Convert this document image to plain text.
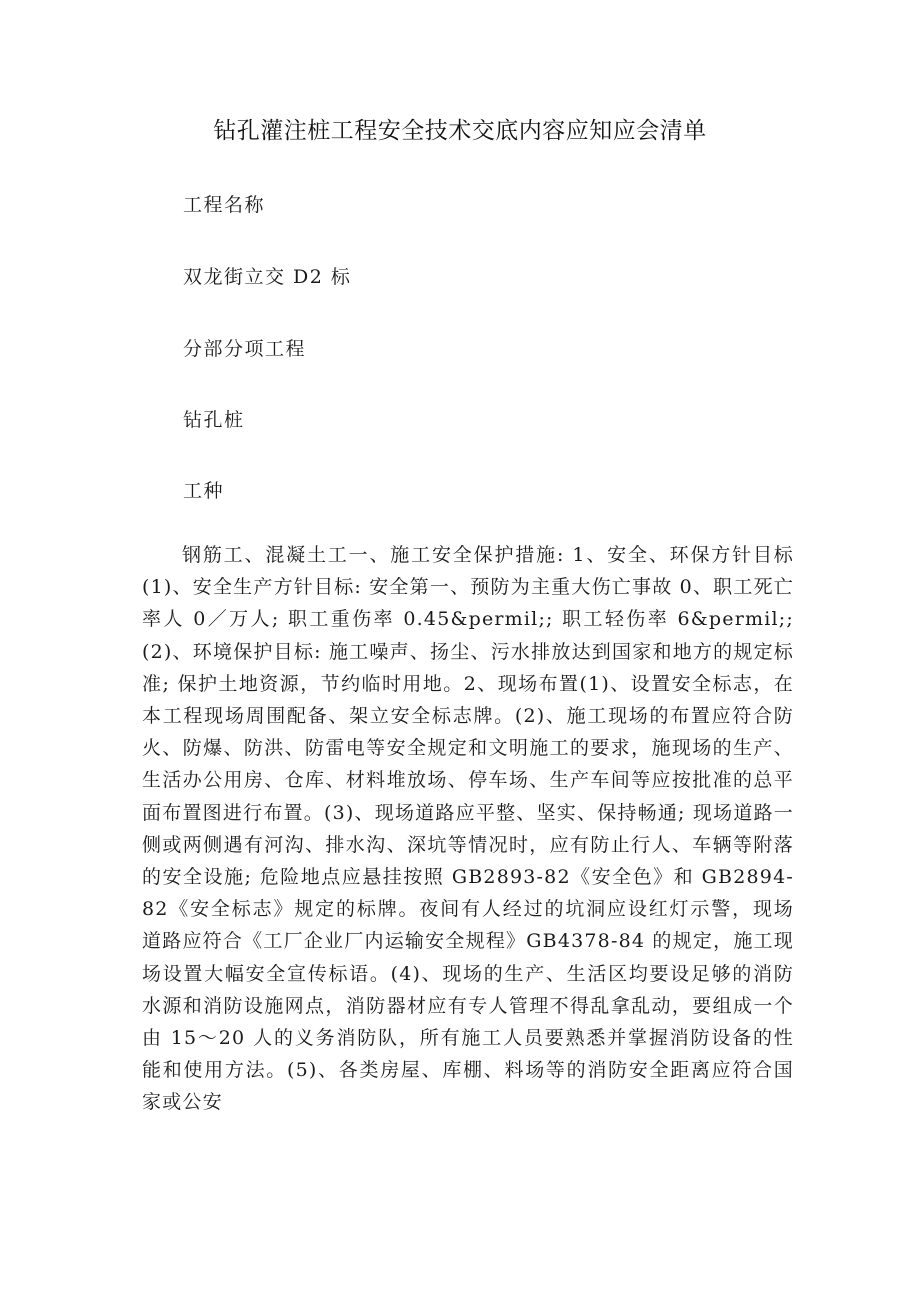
钻孔灌注桩工程安全技术交底内容应知应会清单

工程名称

双龙街立交 D2 标

分部分项工程

钻孔桩

工种

钢筋工、混凝土工一、施工安全保护措施: 1、安全、环保方针目标(1)、安全生产方针目标: 安全第一、预防为主重大伤亡事故 0、职工死亡率人 0／万人; 职工重伤率 0.45&permil;; 职工轻伤率 6&permil;; (2)、环境保护目标: 施工噪声、扬尘、污水排放达到国家和地方的规定标准; 保护土地资源，节约临时用地。2、现场布置(1)、设置安全标志，在本工程现场周围配备、架立安全标志牌。(2)、施工现场的布置应符合防火、防爆、防洪、防雷电等安全规定和文明施工的要求，施现场的生产、生活办公用房、仓库、材料堆放场、停车场、生产车间等应按批准的总平面布置图进行布置。(3)、现场道路应平整、坚实、保持畅通; 现场道路一侧或两侧遇有河沟、排水沟、深坑等情况时，应有防止行人、车辆等附落的安全设施; 危险地点应悬挂按照 GB2893-82《安全色》和 GB2894-82《安全标志》规定的标牌。夜间有人经过的坑洞应设红灯示警，现场道路应符合《工厂企业厂内运输安全规程》GB4378-84 的规定，施工现场设置大幅安全宣传标语。(4)、现场的生产、生活区均要设足够的消防水源和消防设施网点，消防器材应有专人管理不得乱拿乱动，要组成一个由 15～20 人的义务消防队，所有施工人员要熟悉并掌握消防设备的性能和使用方法。(5)、各类房屋、库棚、料场等的消防安全距离应符合国家或公安
